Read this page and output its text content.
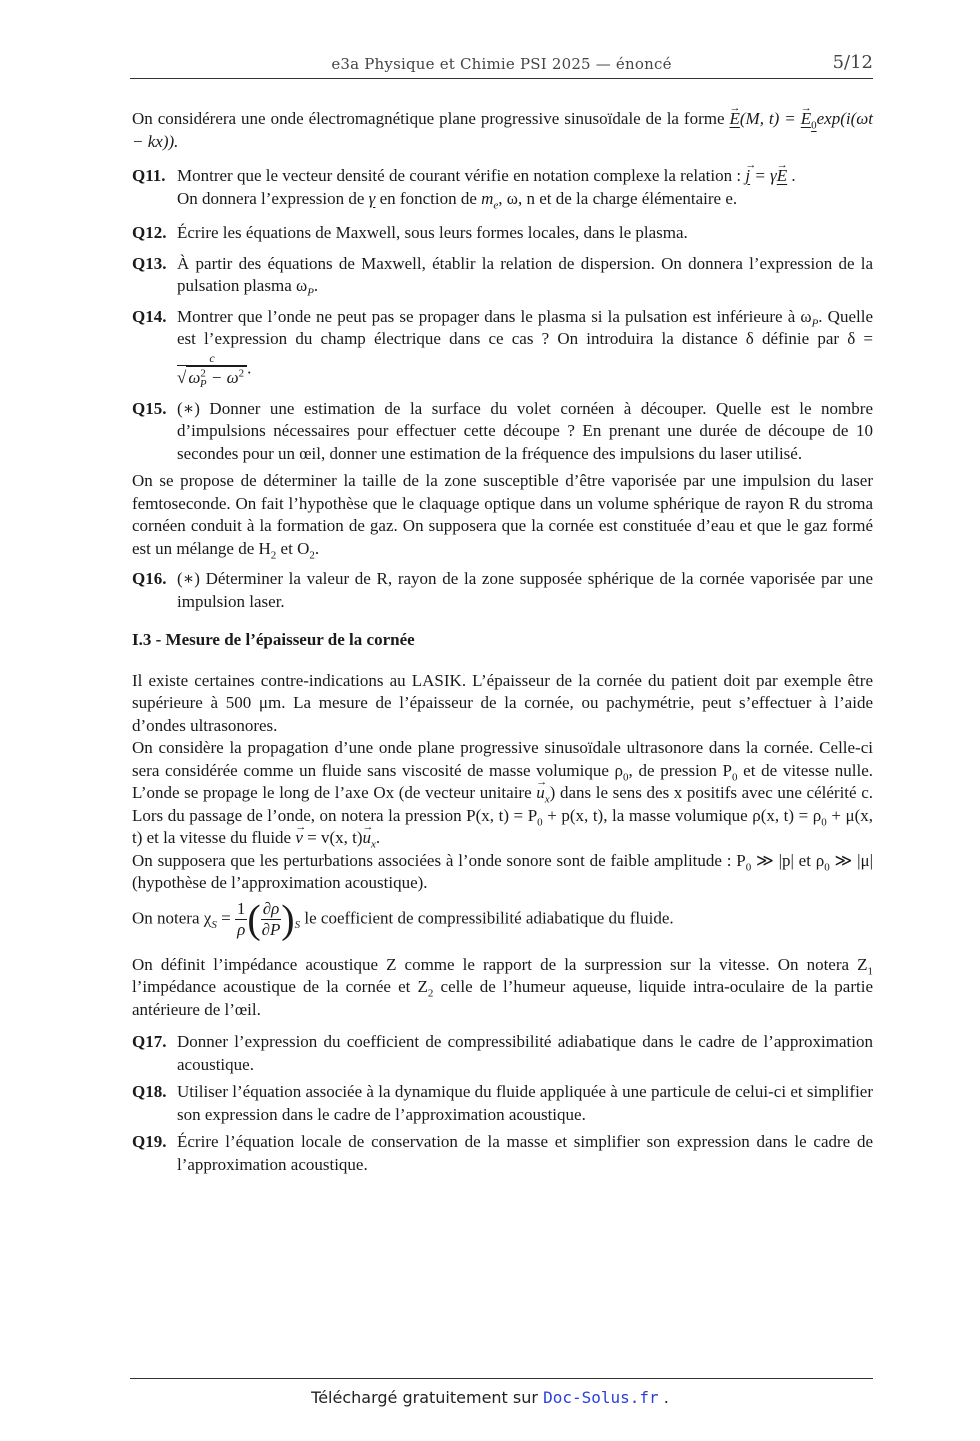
e3a Physique et Chimie PSI 2025 — énoncé	5/12

On considérera une onde électromagnétique plane progressive sinusoïdale de la forme → E(M, t) = → $E_0\exp(i(\omega t - kx))$.

Q11. Montrer que le vecteur densité de courant vérifie en notation complexe la relation : → j = γ→ E .
On donnera l’expression de γ en fonction de $m_e$, ω, n et de la charge élémentaire e.
Q12. Écrire les équations de Maxwell, sous leurs formes locales, dans le plasma.
Q13. À partir des équations de Maxwell, établir la relation de dispersion. On donnera l’expression de la pulsation plasma $\omega_P$.
Q14. Montrer que l’onde ne peut pas se propager dans le plasma si la pulsation est inférieure à $\omega_P$. Quelle est l’expression du champ électrique dans ce cas ? On introduira la distance δ définie par δ =
$\frac{c}{√ \omega^2_P - \omega^2}$ .
Q15. (∗) Donner une estimation de la surface du volet cornéen à découper. Quelle est le nombre d’impulsions nécessaires pour effectuer cette découpe ? En prenant une durée de découpe de 10 secondes pour un œil, donner une estimation de la fréquence des impulsions du laser utilisé.

On se propose de déterminer la taille de la zone susceptible d’être vaporisée par une impulsion du laser femtoseconde. On fait l’hypothèse que le claquage optique dans un volume sphérique de rayon R du stroma cornéen conduit à la formation de gaz. On supposera que la cornée est constituée d’eau et que le gaz formé est un mélange de $H_2$ et $O_2$.

Q16. (∗) Déterminer la valeur de R, rayon de la zone supposée sphérique de la cornée vaporisée par une impulsion laser.

I.3 - Mesure de l’épaisseur de la cornée

Il existe certaines contre-indications au LASIK. L’épaisseur de la cornée du patient doit par exemple être supérieure à 500 μm. La mesure de l’épaisseur de la cornée, ou pachymétrie, peut s’effectuer à l’aide d’ondes ultrasonores.

On considère la propagation d’une onde plane progressive sinusoïdale ultrasonore dans la cornée. Celle-ci sera considérée comme un fluide sans viscosité de masse volumique $\rho_0$, de pression $P_0$ et de vitesse nulle. L’onde se propage le long de l’axe Ox (de vecteur unitaire → $u_x$) dans le sens des x positifs avec une célérité c. Lors du passage de l’onde, on notera la pression P(x, $t) = P_0 + p(x$, t), la masse volumique ρ(x, $t) = \rho_0 + \mu(x$, t) et la vitesse du fluide → v = v(x, $t)\to u_x$.

On supposera que les perturbations associées à l’onde sonore sont de faible amplitude : $P_0$ ≫ |p| et $\rho_0$ ≫ |μ| (hypothèse de l’approximation acoustique).

On notera $\chi_S = \frac{1}{\rho}$ ( $\frac{\partial\rho}{\partial P} )_S$ le coefficient de compressibilité adiabatique du fluide.

On définit l’impédance acoustique Z comme le rapport de la surpression sur la vitesse. On notera $Z_1$ l’impédance acoustique de la cornée et $Z_2$ celle de l’humeur aqueuse, liquide intra-oculaire de la partie antérieure de l’œil.

Q17. Donner l’expression du coefficient de compressibilité adiabatique dans le cadre de l’approximation acoustique.
Q18. Utiliser l’équation associée à la dynamique du fluide appliquée à une particule de celui-ci et simplifier son expression dans le cadre de l’approximation acoustique.
Q19. Écrire l’équation locale de conservation de la masse et simplifier son expression dans le cadre de l’approximation acoustique.
Téléchargé gratuitement sur Doc-Solus.fr .
